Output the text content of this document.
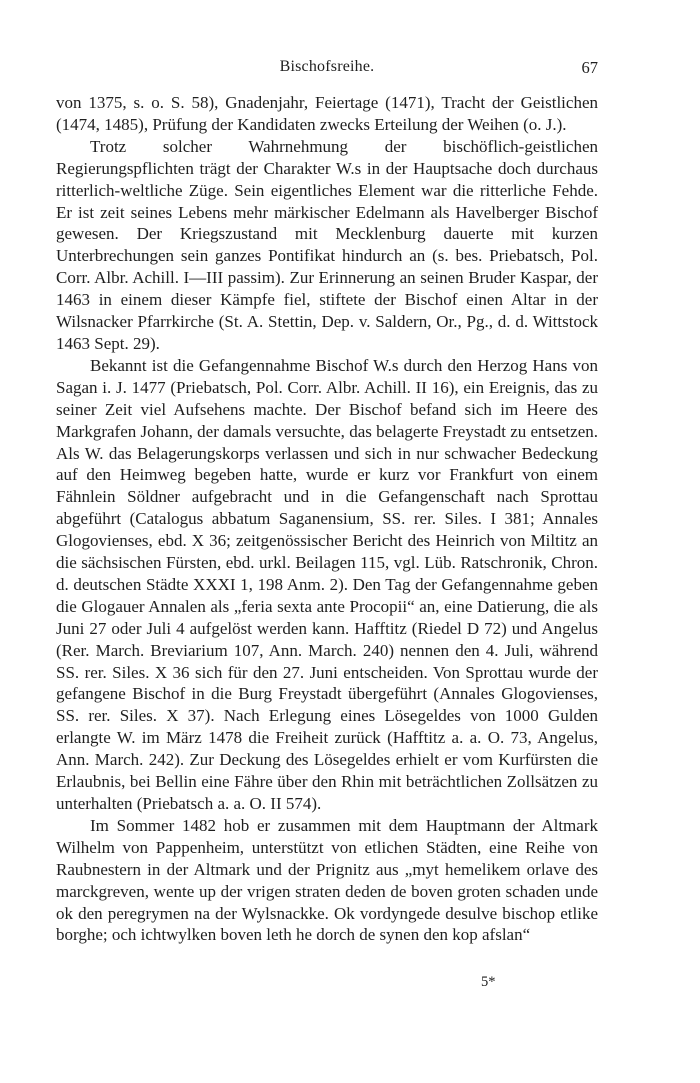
Bischofsreihe.	67

von 1375, s. o. S. 58), Gnadenjahr, Feiertage (1471), Tracht der Geistlichen (1474, 1485), Prüfung der Kandidaten zwecks Erteilung der Weihen (o. J.).

Trotz solcher Wahrnehmung der bischöflich-geistlichen Regierungspflichten trägt der Charakter W.s in der Hauptsache doch durchaus ritterlich-weltliche Züge. Sein eigentliches Element war die ritterliche Fehde. Er ist zeit seines Lebens mehr märkischer Edelmann als Havelberger Bischof gewesen. Der Kriegszustand mit Mecklenburg dauerte mit kurzen Unterbrechungen sein ganzes Pontifikat hindurch an (s. bes. Priebatsch, Pol. Corr. Albr. Achill. I—III passim). Zur Erinnerung an seinen Bruder Kaspar, der 1463 in einem dieser Kämpfe fiel, stiftete der Bischof einen Altar in der Wilsnacker Pfarrkirche (St. A. Stettin, Dep. v. Saldern, Or., Pg., d. d. Wittstock 1463 Sept. 29).

Bekannt ist die Gefangennahme Bischof W.s durch den Herzog Hans von Sagan i. J. 1477 (Priebatsch, Pol. Corr. Albr. Achill. II 16), ein Ereignis, das zu seiner Zeit viel Aufsehens machte. Der Bischof befand sich im Heere des Markgrafen Johann, der damals versuchte, das belagerte Freystadt zu entsetzen. Als W. das Belagerungskorps verlassen und sich in nur schwacher Bedeckung auf den Heimweg begeben hatte, wurde er kurz vor Frankfurt von einem Fähnlein Söldner aufgebracht und in die Gefangenschaft nach Sprottau abgeführt (Catalogus abbatum Saganensium, SS. rer. Siles. I 381; Annales Glogovienses, ebd. X 36; zeitgenössischer Bericht des Heinrich von Miltitz an die sächsischen Fürsten, ebd. urkl. Beilagen 115, vgl. Lüb. Ratschronik, Chron. d. deutschen Städte XXXI 1, 198 Anm. 2). Den Tag der Gefangennahme geben die Glogauer Annalen als „feria sexta ante Procopii“ an, eine Datierung, die als Juni 27 oder Juli 4 aufgelöst werden kann. Hafftitz (Riedel D 72) und Angelus (Rer. March. Breviarium 107, Ann. March. 240) nennen den 4. Juli, während SS. rer. Siles. X 36 sich für den 27. Juni entscheiden. Von Sprottau wurde der gefangene Bischof in die Burg Freystadt übergeführt (Annales Glogovienses, SS. rer. Siles. X 37). Nach Erlegung eines Lösegeldes von 1000 Gulden erlangte W. im März 1478 die Freiheit zurück (Hafftitz a. a. O. 73, Angelus, Ann. March. 242). Zur Deckung des Lösegeldes erhielt er vom Kurfürsten die Erlaubnis, bei Bellin eine Fähre über den Rhin mit beträchtlichen Zollsätzen zu unterhalten (Priebatsch a. a. O. II 574).

Im Sommer 1482 hob er zusammen mit dem Hauptmann der Altmark Wilhelm von Pappenheim, unterstützt von etlichen Städten, eine Reihe von Raubnestern in der Altmark und der Prignitz aus „myt hemelikem orlave des marckgreven, wente up der vrigen straten deden de boven groten schaden unde ok den peregrymen na der Wylsnackke. Ok vordyngede desulve bischop etlike borghe; och ichtwylken boven leth he dorch de synen den kop afslan“

5*
